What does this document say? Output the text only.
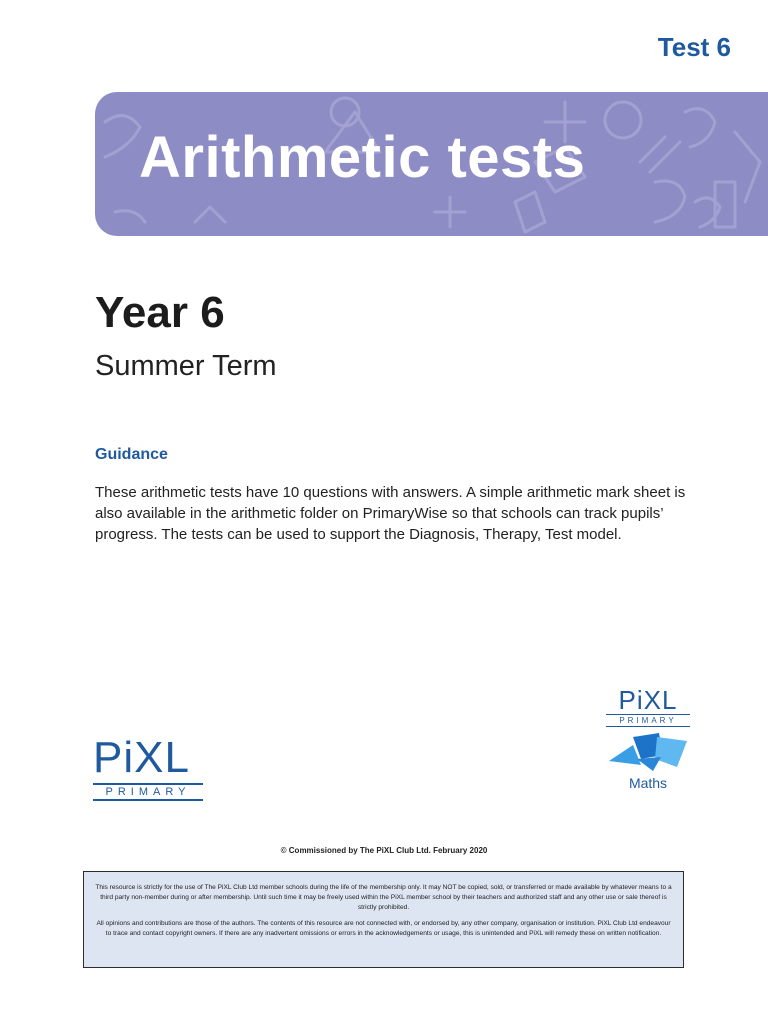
Test 6
Arithmetic tests
Year 6
Summer Term
Guidance

These arithmetic tests have 10 questions with answers. A simple arithmetic mark sheet is also available in the arithmetic folder on PrimaryWise so that schools can track pupils’ progress. The tests can be used to support the Diagnosis, Therapy, Test model.

PiXL
PRIMARY
PiXL
PRIMARY
Maths

© Commissioned by The PiXL Club Ltd. February 2020

This resource is strictly for the use of The PiXL Club Ltd member schools during the life of the membership only. It may NOT be copied, sold, or transferred or made available by whatever means to a third party non-member during or after membership. Until such time it may be freely used within the PiXL member school by their teachers and authorized staff and any other use or sale thereof is strictly prohibited.

All opinions and contributions are those of the authors. The contents of this resource are not connected with, or endorsed by, any other company, organisation or institution. PiXL Club Ltd endeavour to trace and contact copyright owners. If there are any inadvertent omissions or errors in the acknowledgements or usage, this is unintended and PiXL will remedy these on written notification.
